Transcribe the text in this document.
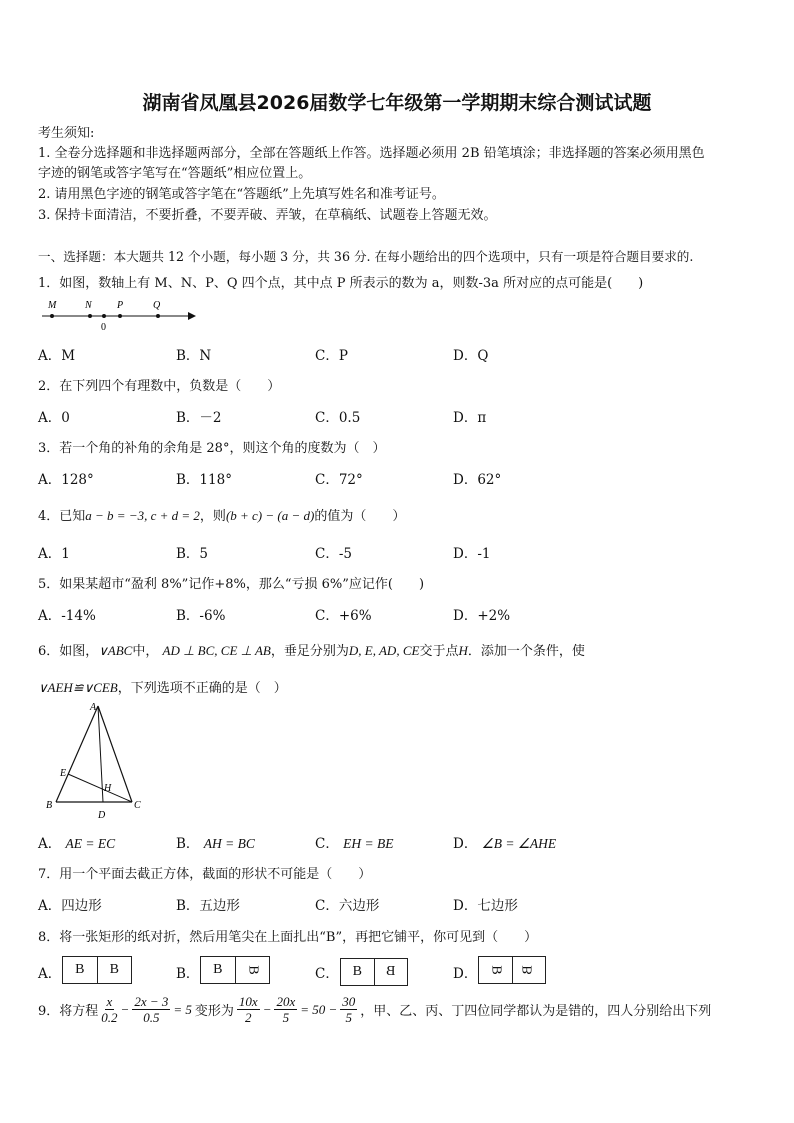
湖南省凤凰县2026届数学七年级第一学期期末综合测试试题
考生须知:
1. 全卷分选择题和非选择题两部分，全部在答题纸上作答。选择题必须用 2B 铅笔填涂；非选择题的答案必须用黑色
字迹的钢笔或答字笔写在“答题纸”相应位置上。
2. 请用黑色字迹的钢笔或答字笔在“答题纸”上先填写姓名和准考证号。
3. 保持卡面清洁，不要折叠，不要弄破、弄皱，在草稿纸、试题卷上答题无效。
一、选择题：本大题共 12 个小题，每小题 3 分，共 36 分. 在每小题给出的四个选项中，只有一项是符合题目要求的.
1．如图，数轴上有 M、N、P、Q 四个点，其中点 P 所表示的数为 a，则数-3a 所对应的点可能是(　　)
M	N	P	Q
0
A．M	B．N	C．P	D．Q
2．在下列四个有理数中，负数是（　　）
A．0	B．－2	C．0.5	D．π
3．若一个角的补角的余角是 28°，则这个角的度数为（　）
A．128°	B．118°	C．72°	D．62°
4．已知a − b = −3, c + d = 2，则(b + c) − (a − d)的值为（　　）
A．1	B．5	C．-5	D．-1
5．如果某超市“盈利 8%”记作+8%，那么“亏损 6%”应记作(　　)
A．-14%	B．-6%	C．+6%	D．+2%
6．如图，∨ABC中， AD ⊥ BC, CE ⊥ AB，垂足分别为D, E, AD, CE交于点H．添加一个条件，使
∨AEH≌∨CEB，下列选项不正确的是（　）
A
E
H
B
D
C
A． AE = EC	B． AH = BC	C． EH = BE	D． ∠B = ∠AHE
7．用一个平面去截正方体，截面的形状不可能是（　　）
A．四边形	B．五边形	C．六边形	D．七边形
8．将一张矩形的纸对折，然后用笔尖在上面扎出“B”，再把它铺平，你可见到（　　）
A． B	B	B． B	B	C． B	B	D． B	B
9．将方程 $\frac{x}{0.2} - \frac{2x - 3}{0.5} = 5$ 变形为 $\frac{10x}{2} - \frac{20x}{5} = 50 - \frac{30}{5}$ ，甲、乙、丙、丁四位同学都认为是错的，四人分别给出下列
